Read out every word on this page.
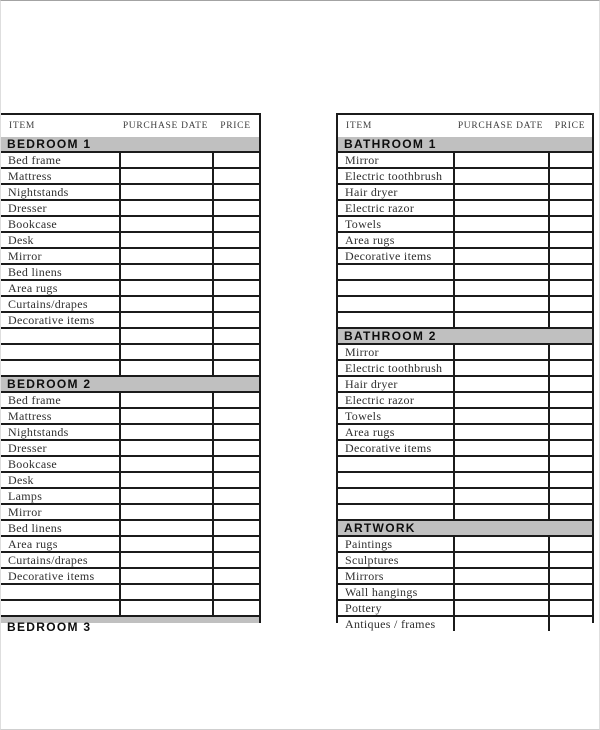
ITEM	PURCHASE DATE	PRICE
BEDROOM 1
Bed frame
Mattress
Nightstands
Dresser
Bookcase
Desk
Mirror
Bed linens
Area rugs
Curtains/drapes
Decorative items
BEDROOM 2
Bed frame
Mattress
Nightstands
Dresser
Bookcase
Desk
Lamps
Mirror
Bed linens
Area rugs
Curtains/drapes
Decorative items
BEDROOM 3
ITEM	PURCHASE DATE	PRICE
BATHROOM 1
Mirror
Electric toothbrush
Hair dryer
Electric razor
Towels
Area rugs
Decorative items
BATHROOM 2
Mirror
Electric toothbrush
Hair dryer
Electric razor
Towels
Area rugs
Decorative items
ARTWORK
Paintings
Sculptures
Mirrors
Wall hangings
Pottery
Antiques / frames
